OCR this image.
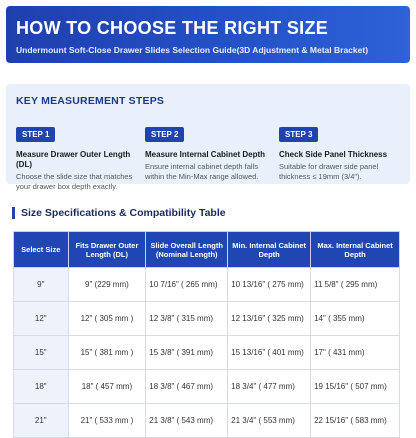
HOW TO CHOOSE THE RIGHT SIZE
Undermount Soft-Close Drawer Slides Selection Guide(3D Adjustment & Metal Bracket)
KEY MEASUREMENT STEPS
STEP 1
Measure Drawer Outer Length (DL)
Choose the slide size that matches your drawer box depth exactly.
STEP 2
Measure Internal Cabinet Depth
Ensure internal cabinet depth falls within the Min-Max range allowed.
STEP 3
Check Side Panel Thickness
Suitable for drawer side panel thickness ≤ 19mm (3/4").
Size Specifications & Compatibility Table
Select Size	Fits Drawer Outer Length (DL)	Slide Overall Length (Nominal Length)	Min. Internal Cabinet Depth	Max. Internal Cabinet Depth
9"	9" (229 mm)	10 7/16" ( 265 mm)	10 13/16" ( 275 mm)	11 5/8" ( 295 mm)
12"	12" ( 305 mm )	12 3/8" ( 315 mm)	12 13/16" ( 325 mm)	14" ( 355 mm)
15"	15" ( 381 mm )	15 3/8" ( 391 mm)	15 13/16" ( 401 mm)	17" ( 431 mm)
18"	18" ( 457 mm)	18 3/8" ( 467 mm)	18 3/4" ( 477 mm)	19 15/16" ( 507 mm)
21"	21" ( 533 mm )	21 3/8" ( 543 mm)	21 3/4" ( 553 mm)	22 15/16" ( 583 mm)
